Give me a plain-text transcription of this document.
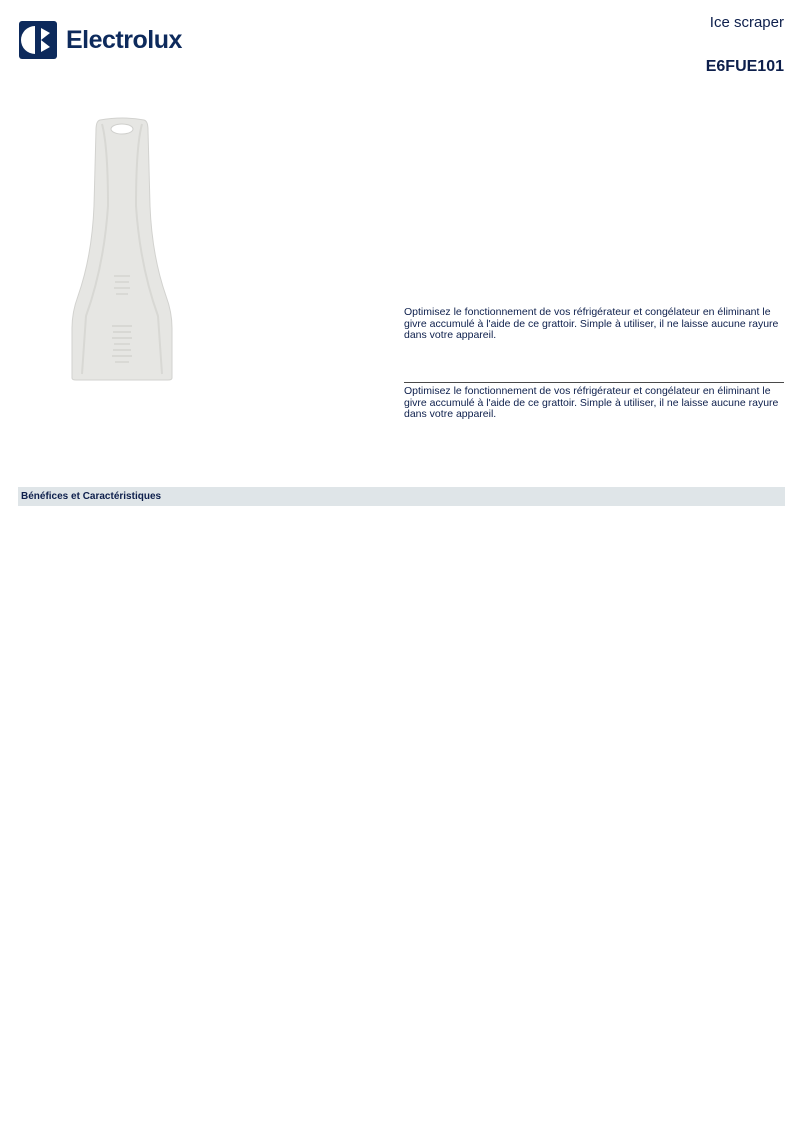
Electrolux
Ice scraper
E6FUE101

Optimisez le fonctionnement de vos réfrigérateur et congélateur en éliminant le givre accumulé à l'aide de ce grattoir. Simple à utiliser, il ne laisse aucune rayure dans votre appareil.

Optimisez le fonctionnement de vos réfrigérateur et congélateur en éliminant le givre accumulé à l'aide de ce grattoir. Simple à utiliser, il ne laisse aucune rayure dans votre appareil.

Bénéfices et Caractéristiques
